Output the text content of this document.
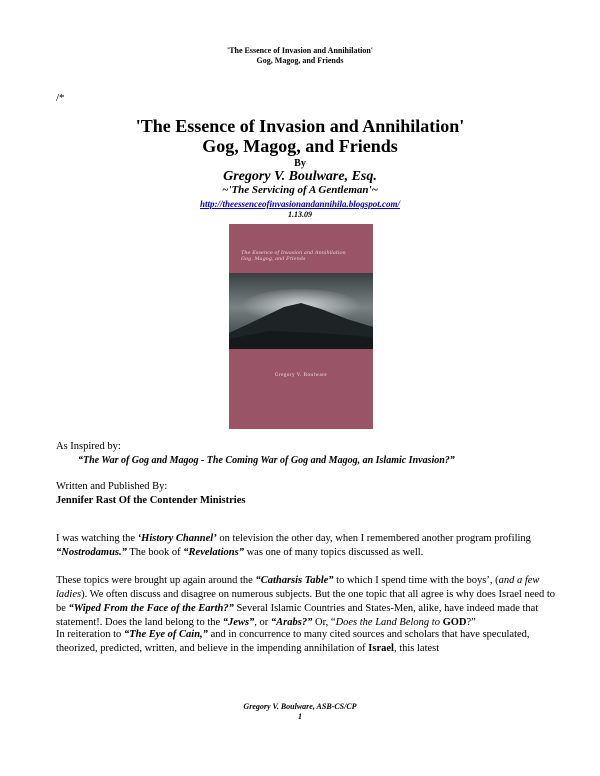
'The Essence of Invasion and Annihilation'
Gog, Magog, and Friends
/*
'The Essence of Invasion and Annihilation'
Gog, Magog, and Friends
By
Gregory V. Boulware, Esq.
~'The Servicing of A Gentleman'~
http://theessenceofinvasionandannihila.blogspot.com/
1.13.09
The Essence of Invasion and Annihilation
Gog, Magog, and Friends
Gregory V. Boulware
As Inspired by:
“The War of Gog and Magog - The Coming War of Gog and Magog, an Islamic Invasion?”
Written and Published By:
Jennifer Rast Of the Contender Ministries
I was watching the ‘History Channel’ on television the other day, when I remembered another program profiling “Nostrodamus.” The book of “Revelations” was one of many topics discussed as well.
These topics were brought up again around the “Catharsis Table” to which I spend time with the boys’, (and a few ladies). We often discuss and disagree on numerous subjects. But the one topic that all agree is why does Israel need to be “Wiped From the Face of the Earth?” Several Islamic Countries and States-Men, alike, have indeed made that statement!. Does the land belong to the “Jews”, or “Arabs?” Or, “Does the Land Belong to GOD?”
In reiteration to “The Eye of Cain,” and in concurrence to many cited sources and scholars that have speculated, theorized, predicted, written, and believe in the impending annihilation of Israel, this latest
Gregory V. Boulware, ASB-CS/CP
1
